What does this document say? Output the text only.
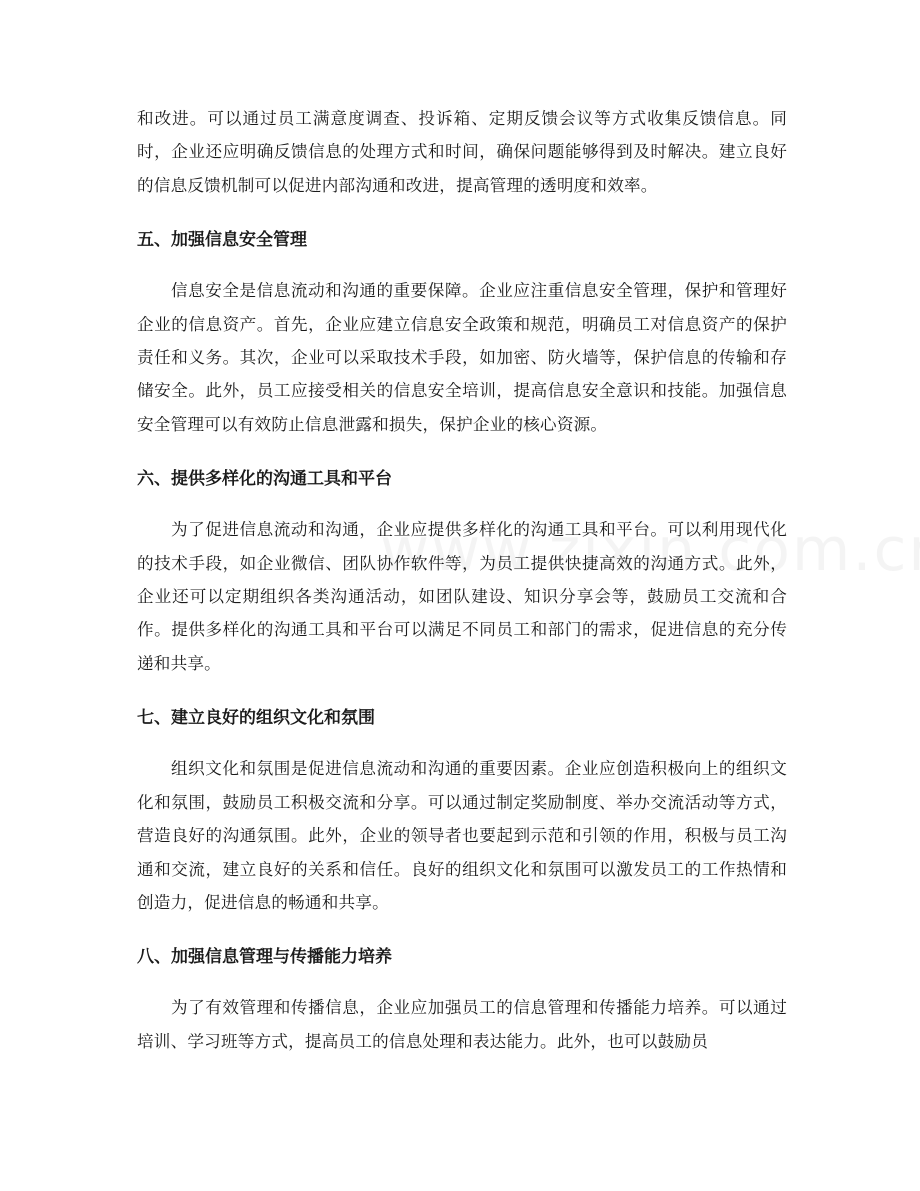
和改进。可以通过员工满意度调查、投诉箱、定期反馈会议等方式收集反馈信息。同时，企业还应明确反馈信息的处理方式和时间，确保问题能够得到及时解决。建立良好的信息反馈机制可以促进内部沟通和改进，提高管理的透明度和效率。

五、加强信息安全管理

信息安全是信息流动和沟通的重要保障。企业应注重信息安全管理，保护和管理好企业的信息资产。首先，企业应建立信息安全政策和规范，明确员工对信息资产的保护责任和义务。其次，企业可以采取技术手段，如加密、防火墙等，保护信息的传输和存储安全。此外，员工应接受相关的信息安全培训，提高信息安全意识和技能。加强信息安全管理可以有效防止信息泄露和损失，保护企业的核心资源。

六、提供多样化的沟通工具和平台

为了促进信息流动和沟通，企业应提供多样化的沟通工具和平台。可以利用现代化的技术手段，如企业微信、团队协作软件等，为员工提供快捷高效的沟通方式。此外，企业还可以定期组织各类沟通活动，如团队建设、知识分享会等，鼓励员工交流和合作。提供多样化的沟通工具和平台可以满足不同员工和部门的需求，促进信息的充分传递和共享。

七、建立良好的组织文化和氛围

组织文化和氛围是促进信息流动和沟通的重要因素。企业应创造积极向上的组织文化和氛围，鼓励员工积极交流和分享。可以通过制定奖励制度、举办交流活动等方式，营造良好的沟通氛围。此外，企业的领导者也要起到示范和引领的作用，积极与员工沟通和交流，建立良好的关系和信任。良好的组织文化和氛围可以激发员工的工作热情和创造力，促进信息的畅通和共享。

八、加强信息管理与传播能力培养

为了有效管理和传播信息，企业应加强员工的信息管理和传播能力培养。可以通过培训、学习班等方式，提高员工的信息处理和表达能力。此外，也可以鼓励员
